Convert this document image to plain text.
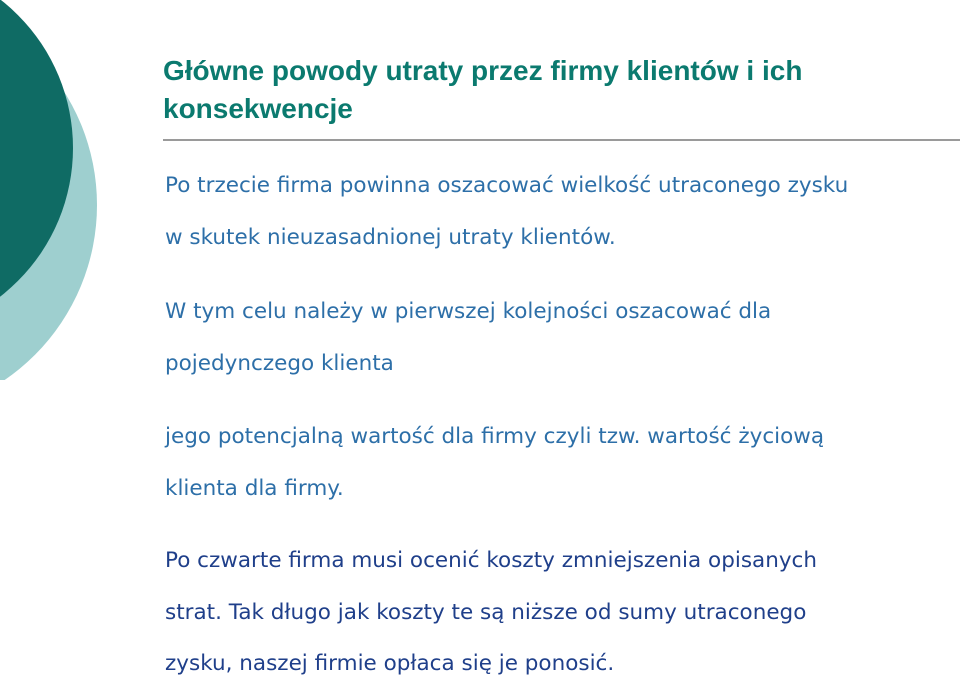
Główne powody utraty przez firmy klientów i ich
konsekwencje

Po trzecie firma powinna oszacować wielkość utraconego zysku
w skutek nieuzasadnionej utraty klientów.

W tym celu należy w pierwszej kolejności oszacować dla
pojedynczego klienta

jego potencjalną wartość dla firmy czyli tzw. wartość życiową
klienta dla firmy.

Po czwarte firma musi ocenić koszty zmniejszenia opisanych
strat. Tak długo jak koszty te są niższe od sumy utraconego
zysku, naszej firmie opłaca się je ponosić.
